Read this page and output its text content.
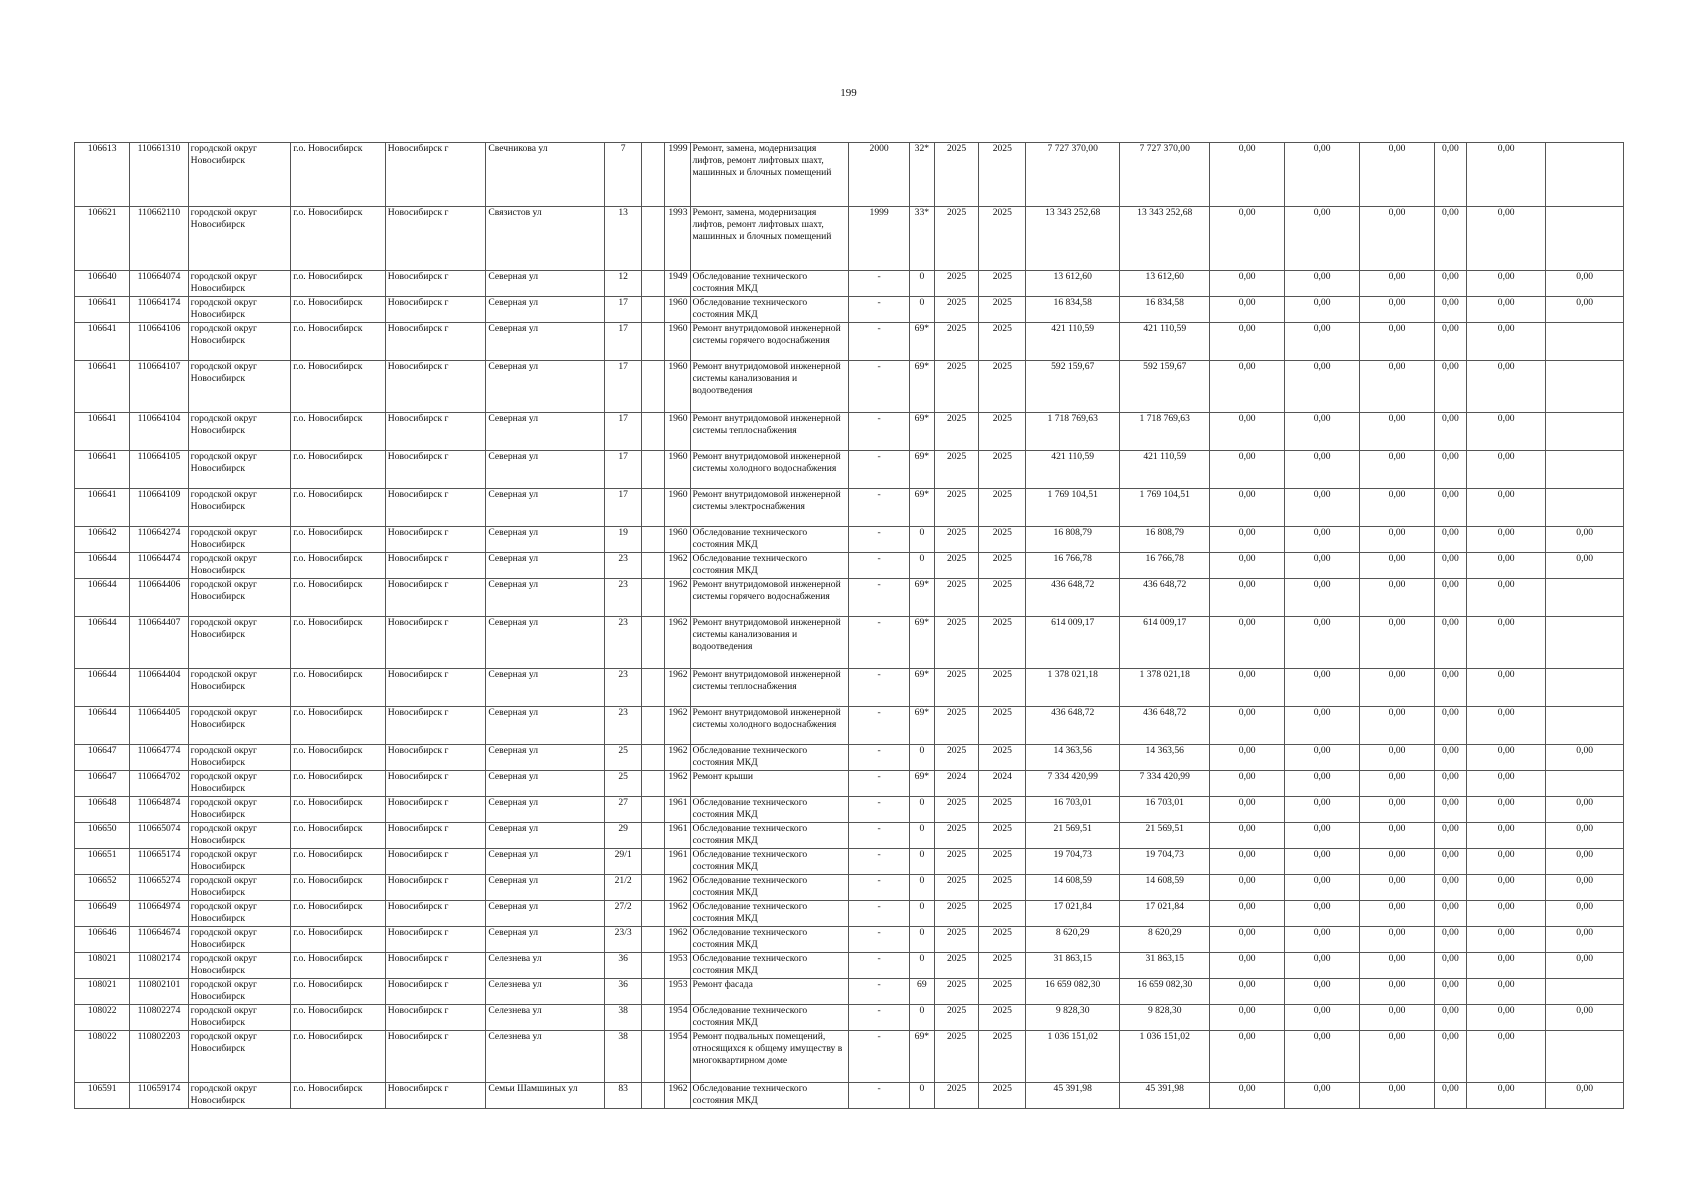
199
106613	110661310	городской округ Новосибирск	г.о. Новосибирск	Новосибирск г	Свечникова ул	7		1999	Ремонт, замена, модернизация лифтов, ремонт лифтовых шахт, машинных и блочных помещений	2000	32*	2025	2025	7 727 370,00	7 727 370,00	0,00	0,00	0,00	0,00	0,00	
106621	110662110	городской округ Новосибирск	г.о. Новосибирск	Новосибирск г	Связистов ул	13		1993	Ремонт, замена, модернизация лифтов, ремонт лифтовых шахт, машинных и блочных помещений	1999	33*	2025	2025	13 343 252,68	13 343 252,68	0,00	0,00	0,00	0,00	0,00	
106640	110664074	городской округ Новосибирск	г.о. Новосибирск	Новосибирск г	Северная ул	12		1949	Обследование технического состояния МКД	-	0	2025	2025	13 612,60	13 612,60	0,00	0,00	0,00	0,00	0,00	0,00
106641	110664174	городской округ Новосибирск	г.о. Новосибирск	Новосибирск г	Северная ул	17		1960	Обследование технического состояния МКД	-	0	2025	2025	16 834,58	16 834,58	0,00	0,00	0,00	0,00	0,00	0,00
106641	110664106	городской округ Новосибирск	г.о. Новосибирск	Новосибирск г	Северная ул	17		1960	Ремонт внутридомовой инженерной системы горячего водоснабжения	-	69*	2025	2025	421 110,59	421 110,59	0,00	0,00	0,00	0,00	0,00	
106641	110664107	городской округ Новосибирск	г.о. Новосибирск	Новосибирск г	Северная ул	17		1960	Ремонт внутридомовой инженерной системы канализования и водоотведения	-	69*	2025	2025	592 159,67	592 159,67	0,00	0,00	0,00	0,00	0,00	
106641	110664104	городской округ Новосибирск	г.о. Новосибирск	Новосибирск г	Северная ул	17		1960	Ремонт внутридомовой инженерной системы теплоснабжения	-	69*	2025	2025	1 718 769,63	1 718 769,63	0,00	0,00	0,00	0,00	0,00	
106641	110664105	городской округ Новосибирск	г.о. Новосибирск	Новосибирск г	Северная ул	17		1960	Ремонт внутридомовой инженерной системы холодного водоснабжения	-	69*	2025	2025	421 110,59	421 110,59	0,00	0,00	0,00	0,00	0,00	
106641	110664109	городской округ Новосибирск	г.о. Новосибирск	Новосибирск г	Северная ул	17		1960	Ремонт внутридомовой инженерной системы электроснабжения	-	69*	2025	2025	1 769 104,51	1 769 104,51	0,00	0,00	0,00	0,00	0,00	
106642	110664274	городской округ Новосибирск	г.о. Новосибирск	Новосибирск г	Северная ул	19		1960	Обследование технического состояния МКД	-	0	2025	2025	16 808,79	16 808,79	0,00	0,00	0,00	0,00	0,00	0,00
106644	110664474	городской округ Новосибирск	г.о. Новосибирск	Новосибирск г	Северная ул	23		1962	Обследование технического состояния МКД	-	0	2025	2025	16 766,78	16 766,78	0,00	0,00	0,00	0,00	0,00	0,00
106644	110664406	городской округ Новосибирск	г.о. Новосибирск	Новосибирск г	Северная ул	23		1962	Ремонт внутридомовой инженерной системы горячего водоснабжения	-	69*	2025	2025	436 648,72	436 648,72	0,00	0,00	0,00	0,00	0,00	
106644	110664407	городской округ Новосибирск	г.о. Новосибирск	Новосибирск г	Северная ул	23		1962	Ремонт внутридомовой инженерной системы канализования и водоотведения	-	69*	2025	2025	614 009,17	614 009,17	0,00	0,00	0,00	0,00	0,00	
106644	110664404	городской округ Новосибирск	г.о. Новосибирск	Новосибирск г	Северная ул	23		1962	Ремонт внутридомовой инженерной системы теплоснабжения	-	69*	2025	2025	1 378 021,18	1 378 021,18	0,00	0,00	0,00	0,00	0,00	
106644	110664405	городской округ Новосибирск	г.о. Новосибирск	Новосибирск г	Северная ул	23		1962	Ремонт внутридомовой инженерной системы холодного водоснабжения	-	69*	2025	2025	436 648,72	436 648,72	0,00	0,00	0,00	0,00	0,00	
106647	110664774	городской округ Новосибирск	г.о. Новосибирск	Новосибирск г	Северная ул	25		1962	Обследование технического состояния МКД	-	0	2025	2025	14 363,56	14 363,56	0,00	0,00	0,00	0,00	0,00	0,00
106647	110664702	городской округ Новосибирск	г.о. Новосибирск	Новосибирск г	Северная ул	25		1962	Ремонт крыши	-	69*	2024	2024	7 334 420,99	7 334 420,99	0,00	0,00	0,00	0,00	0,00	
106648	110664874	городской округ Новосибирск	г.о. Новосибирск	Новосибирск г	Северная ул	27		1961	Обследование технического состояния МКД	-	0	2025	2025	16 703,01	16 703,01	0,00	0,00	0,00	0,00	0,00	0,00
106650	110665074	городской округ Новосибирск	г.о. Новосибирск	Новосибирск г	Северная ул	29		1961	Обследование технического состояния МКД	-	0	2025	2025	21 569,51	21 569,51	0,00	0,00	0,00	0,00	0,00	0,00
106651	110665174	городской округ Новосибирск	г.о. Новосибирск	Новосибирск г	Северная ул	29/1		1961	Обследование технического состояния МКД	-	0	2025	2025	19 704,73	19 704,73	0,00	0,00	0,00	0,00	0,00	0,00
106652	110665274	городской округ Новосибирск	г.о. Новосибирск	Новосибирск г	Северная ул	21/2		1962	Обследование технического состояния МКД	-	0	2025	2025	14 608,59	14 608,59	0,00	0,00	0,00	0,00	0,00	0,00
106649	110664974	городской округ Новосибирск	г.о. Новосибирск	Новосибирск г	Северная ул	27/2		1962	Обследование технического состояния МКД	-	0	2025	2025	17 021,84	17 021,84	0,00	0,00	0,00	0,00	0,00	0,00
106646	110664674	городской округ Новосибирск	г.о. Новосибирск	Новосибирск г	Северная ул	23/3		1962	Обследование технического состояния МКД	-	0	2025	2025	8 620,29	8 620,29	0,00	0,00	0,00	0,00	0,00	0,00
108021	110802174	городской округ Новосибирск	г.о. Новосибирск	Новосибирск г	Селезнева ул	36		1953	Обследование технического состояния МКД	-	0	2025	2025	31 863,15	31 863,15	0,00	0,00	0,00	0,00	0,00	0,00
108021	110802101	городской округ Новосибирск	г.о. Новосибирск	Новосибирск г	Селезнева ул	36		1953	Ремонт фасада	-	69	2025	2025	16 659 082,30	16 659 082,30	0,00	0,00	0,00	0,00	0,00	
108022	110802274	городской округ Новосибирск	г.о. Новосибирск	Новосибирск г	Селезнева ул	38		1954	Обследование технического состояния МКД	-	0	2025	2025	9 828,30	9 828,30	0,00	0,00	0,00	0,00	0,00	0,00
108022	110802203	городской округ Новосибирск	г.о. Новосибирск	Новосибирск г	Селезнева ул	38		1954	Ремонт подвальных помещений, относящихся к общему имуществу в многоквартирном доме	-	69*	2025	2025	1 036 151,02	1 036 151,02	0,00	0,00	0,00	0,00	0,00	
106591	110659174	городской округ Новосибирск	г.о. Новосибирск	Новосибирск г	Семьи Шамшиных ул	83		1962	Обследование технического состояния МКД	-	0	2025	2025	45 391,98	45 391,98	0,00	0,00	0,00	0,00	0,00	0,00
